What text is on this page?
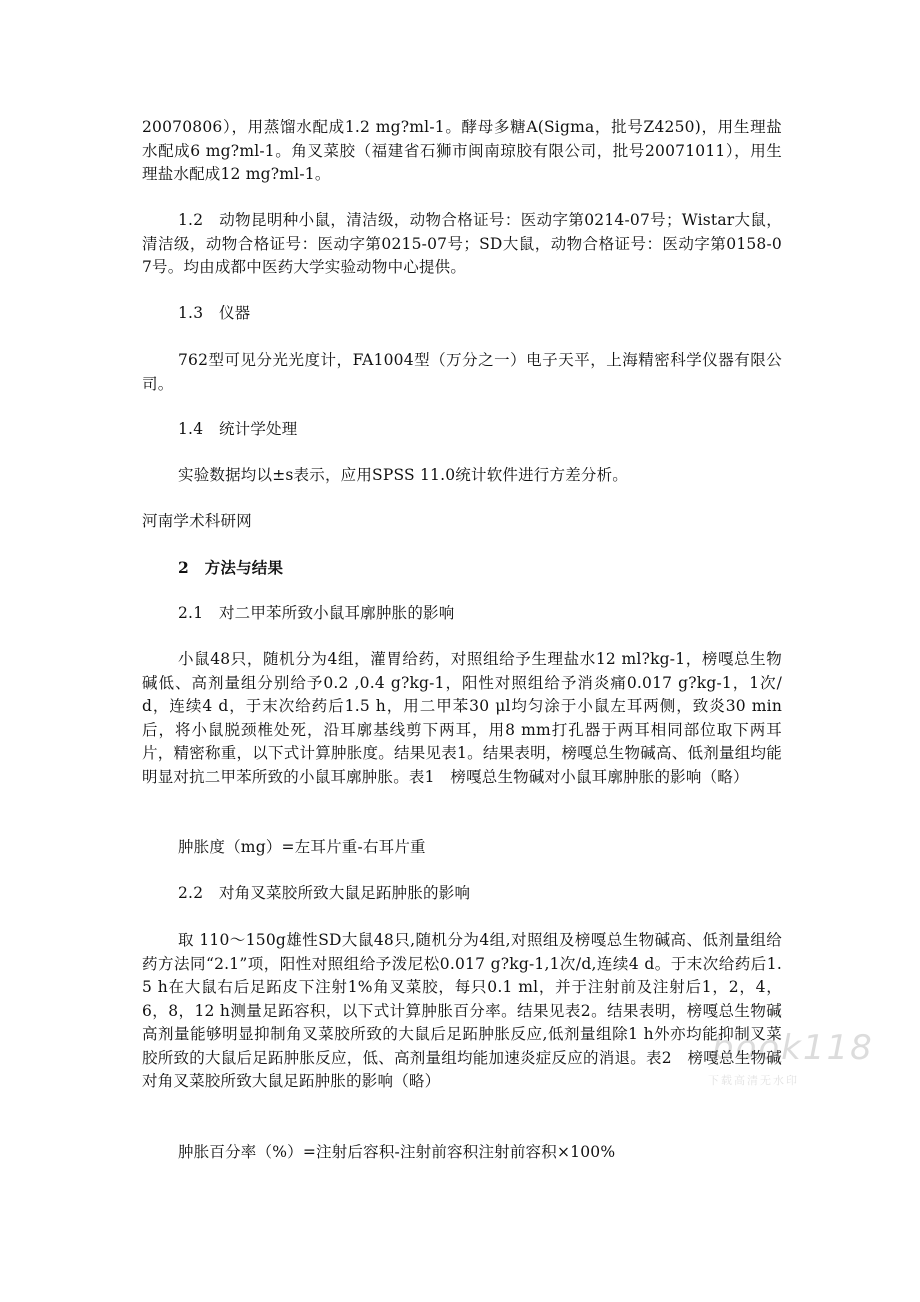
20070806），用蒸馏水配成1.2 mg?ml-1。酵母多糖A(Sigma，批号Z4250)，用生理盐水配成6 mg?ml-1。角叉菜胶（福建省石狮市闽南琼胶有限公司，批号20071011），用生理盐水配成12 mg?ml-1。

1.2　动物昆明种小鼠，清洁级，动物合格证号：医动字第0214-07号；Wistar大鼠，清洁级，动物合格证号：医动字第0215-07号；SD大鼠，动物合格证号：医动字第0158-07号。均由成都中医药大学实验动物中心提供。

1.3　仪器

762型可见分光光度计，FA1004型（万分之一）电子天平，上海精密科学仪器有限公司。

1.4　统计学处理

实验数据均以±s表示，应用SPSS 11.0统计软件进行方差分析。

河南学术科研网

2　方法与结果

2.1　对二甲苯所致小鼠耳廓肿胀的影响

小鼠48只，随机分为4组，灌胃给药，对照组给予生理盐水12 ml?kg-1，榜嘎总生物碱低、高剂量组分别给予0.2 ,0.4 g?kg-1，阳性对照组给予消炎痛0.017 g?kg-1，1次/d，连续4 d，于末次给药后1.5 h，用二甲苯30 μl均匀涂于小鼠左耳两侧，致炎30 min后，将小鼠脱颈椎处死，沿耳廓基线剪下两耳，用8 mm打孔器于两耳相同部位取下两耳片，精密称重，以下式计算肿胀度。结果见表1。结果表明，榜嘎总生物碱高、低剂量组均能明显对抗二甲苯所致的小鼠耳廓肿胀。表1　榜嘎总生物碱对小鼠耳廓肿胀的影响（略）

肿胀度（mg）=左耳片重-右耳片重

2.2　对角叉菜胶所致大鼠足跖肿胀的影响

取 110～150g雄性SD大鼠48只,随机分为4组,对照组及榜嘎总生物碱高、低剂量组给药方法同“2.1”项，阳性对照组给予泼尼松0.017 g?kg-1,1次/d,连续4 d。于末次给药后1.5 h在大鼠右后足跖皮下注射1%角叉菜胶，每只0.1 ml，并于注射前及注射后1，2，4，6，8，12 h测量足跖容积，以下式计算肿胀百分率。结果见表2。结果表明，榜嘎总生物碱高剂量能够明显抑制角叉菜胶所致的大鼠后足跖肿胀反应,低剂量组除1 h外亦均能抑制叉菜胶所致的大鼠后足跖肿胀反应，低、高剂量组均能加速炎症反应的消退。表2　榜嘎总生物碱对角叉菜胶所致大鼠足跖肿胀的影响（略）

肿胀百分率（%）=注射后容积-注射前容积注射前容积×100%

book118
下载高清无水印
